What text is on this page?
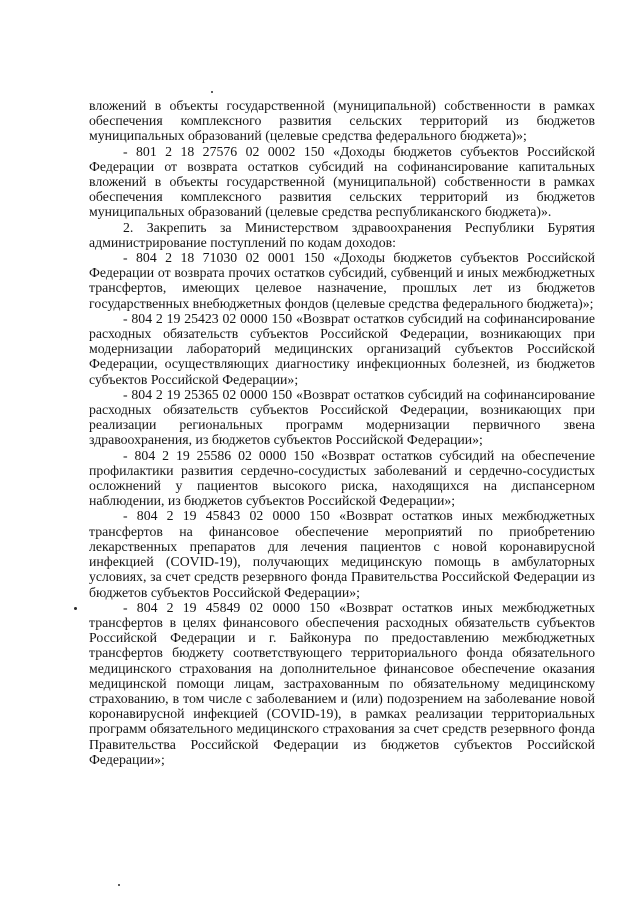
вложений в объекты государственной (муниципальной) собственности в рамках обеспечения комплексного развития сельских территорий из бюджетов муниципальных образований (целевые средства федерального бюджета)»;

- 801 2 18 27576 02 0002 150 «Доходы бюджетов субъектов Российской Федерации от возврата остатков субсидий на софинансирование капитальных вложений в объекты государственной (муниципальной) собственности в рамках обеспечения комплексного развития сельских территорий из бюджетов муниципальных образований (целевые средства республиканского бюджета)».

2. Закрепить за Министерством здравоохранения Республики Бурятия администрирование поступлений по кодам доходов:

- 804 2 18 71030 02 0001 150 «Доходы бюджетов субъектов Российской Федерации от возврата прочих остатков субсидий, субвенций и иных межбюджетных трансфертов, имеющих целевое назначение, прошлых лет из бюджетов государственных внебюджетных фондов (целевые средства федерального бюджета)»;

- 804 2 19 25423 02 0000 150 «Возврат остатков субсидий на софинансирование расходных обязательств субъектов Российской Федерации, возникающих при модернизации лабораторий медицинских организаций субъектов Российской Федерации, осуществляющих диагностику инфекционных болезней, из бюджетов субъектов Российской Федерации»;

- 804 2 19 25365 02 0000 150 «Возврат остатков субсидий на софинансирование расходных обязательств субъектов Российской Федерации, возникающих при реализации региональных программ модернизации первичного звена здравоохранения, из бюджетов субъектов Российской Федерации»;

- 804 2 19 25586 02 0000 150 «Возврат остатков субсидий на обеспечение профилактики развития сердечно-сосудистых заболеваний и сердечно-сосудистых осложнений у пациентов высокого риска, находящихся на диспансерном наблюдении, из бюджетов субъектов Российской Федерации»;

- 804 2 19 45843 02 0000 150 «Возврат остатков иных межбюджетных трансфертов на финансовое обеспечение мероприятий по приобретению лекарственных препаратов для лечения пациентов с новой коронавирусной инфекцией (COVID-19), получающих медицинскую помощь в амбулаторных условиях, за счет средств резервного фонда Правительства Российской Федерации из бюджетов субъектов Российской Федерации»;

- 804 2 19 45849 02 0000 150 «Возврат остатков иных межбюджетных трансфертов в целях финансового обеспечения расходных обязательств субъектов Российской Федерации и г. Байконура по предоставлению межбюджетных трансфертов бюджету соответствующего территориального фонда обязательного медицинского страхования на дополнительное финансовое обеспечение оказания медицинской помощи лицам, застрахованным по обязательному медицинскому страхованию, в том числе с заболеванием и (или) подозрением на заболевание новой коронавирусной инфекцией (COVID-19), в рамках реализации территориальных программ обязательного медицинского страхования за счет средств резервного фонда Правительства Российской Федерации из бюджетов субъектов Российской Федерации»;
